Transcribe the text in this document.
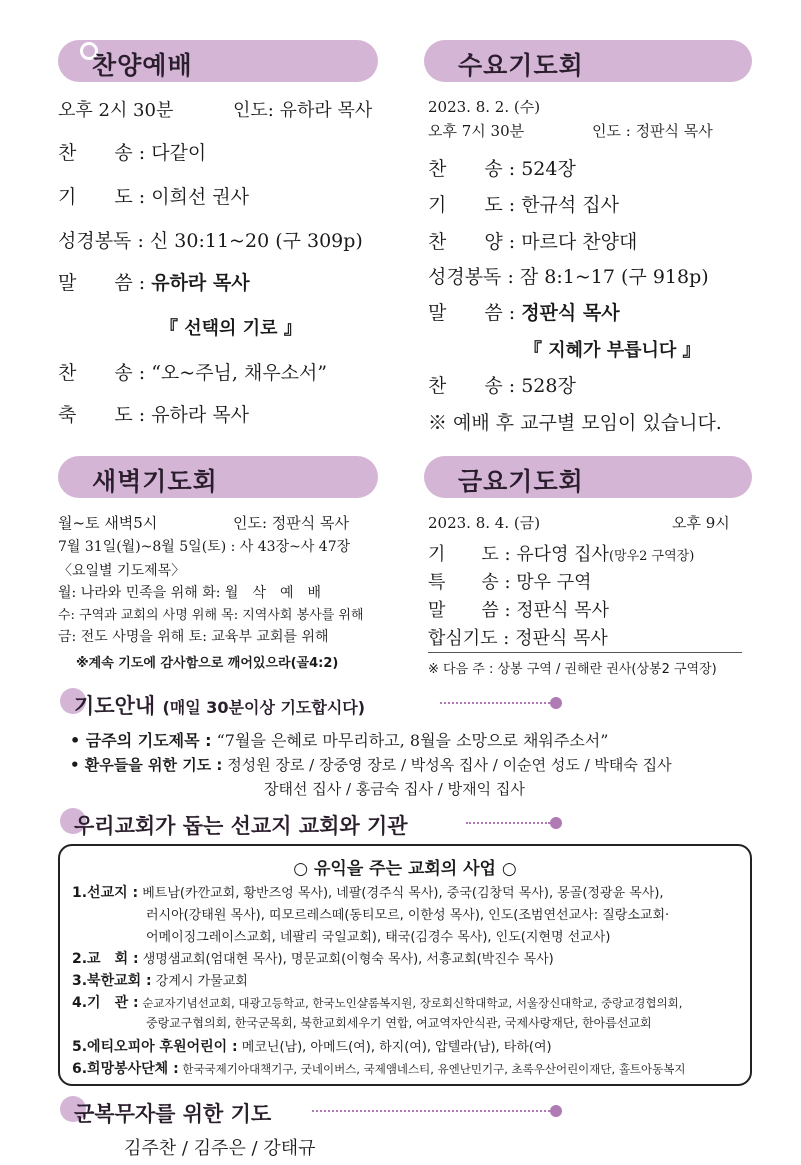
찬양예배
오후 2시 30분	인도: 유하라 목사
찬　　송 : 다같이
기　　도 : 이희선 권사
성경봉독 : 신 30:11~20 (구 309p)
말　　씀 : 유하라 목사
『 선택의 기로 』
찬　　송 : “오~주님, 채우소서”
축　　도 : 유하라 목사
수요기도회
2023. 8. 2. (수)
오후 7시 30분	인도 : 정판식 목사
찬　　송 : 524장
기　　도 : 한규석 집사
찬　　양 : 마르다 찬양대
성경봉독 : 잠 8:1~17 (구 918p)
말　　씀 : 정판식 목사
『 지혜가 부릅니다 』
찬　　송 : 528장
※ 예배 후 교구별 모임이 있습니다.
새벽기도회
월~토 새벽5시	인도: 정판식 목사
7월 31일(월)~8월 5일(토) : 사 43장~사 47장
〈요일별 기도제목〉
월: 나라와 민족을 위해 화: 월　삭　예　배
수: 구역과 교회의 사명 위해 목: 지역사회 봉사를 위해
금: 전도 사명을 위해 토: 교육부 교회를 위해
※계속 기도에 감사함으로 깨어있으라(골4:2)
금요기도회
2023. 8. 4. (금)	오후 9시
기　　도 : 유다영 집사(망우2 구역장)
특　　송 : 망우 구역
말　　씀 : 정판식 목사
합심기도 : 정판식 목사
※ 다음 주 : 상봉 구역 / 권해란 권사(상봉2 구역장)
기도안내 (매일 30분이상 기도합시다)
• 금주의 기도제목 : “7월을 은혜로 마무리하고, 8월을 소망으로 채워주소서”
• 환우들을 위한 기도 : 정성원 장로 / 장중영 장로 / 박성옥 집사 / 이순연 성도 / 박태숙 집사
장태선 집사 / 홍금숙 집사 / 방재익 집사
우리교회가 돕는 선교지 교회와 기관
○ 유익을 주는 교회의 사업 ○
1.선교지 : 베트남(카깐교회, 황반즈엉 목사), 네팔(경주식 목사), 중국(김창덕 목사), 몽골(정광윤 목사),
러시아(강태원 목사), 띠모르레스떼(동티모르, 이한성 목사), 인도(조범연선교사: 질랑소교회·
어메이징그레이스교회, 네팔리 국일교회), 태국(김경수 목사), 인도(지현명 선교사)
2.교　회 : 생명샘교회(엄대현 목사), 명문교회(이형숙 목사), 서흥교회(박진수 목사)
3.북한교회 : 강계시 가물교회
4.기　관 : 순교자기념선교회, 대광고등학교, 한국노인샬롬복지원, 장로회신학대학교, 서울장신대학교, 중랑교경협의회,
중랑교구협의회, 한국군목회, 북한교회세우기 연합, 여교역자안식관, 국제사랑재단, 한아름선교회
5.에티오피아 후원어린이 : 메코닌(남), 아메드(여), 하지(여), 압텔라(남), 타하(여)
6.희망봉사단체 : 한국국제기아대책기구, 굿네이버스, 국제앰네스티, 유엔난민기구, 초록우산어린이재단, 홀트아동복지
군복무자를 위한 기도
김주찬 / 김주은 / 강태규
